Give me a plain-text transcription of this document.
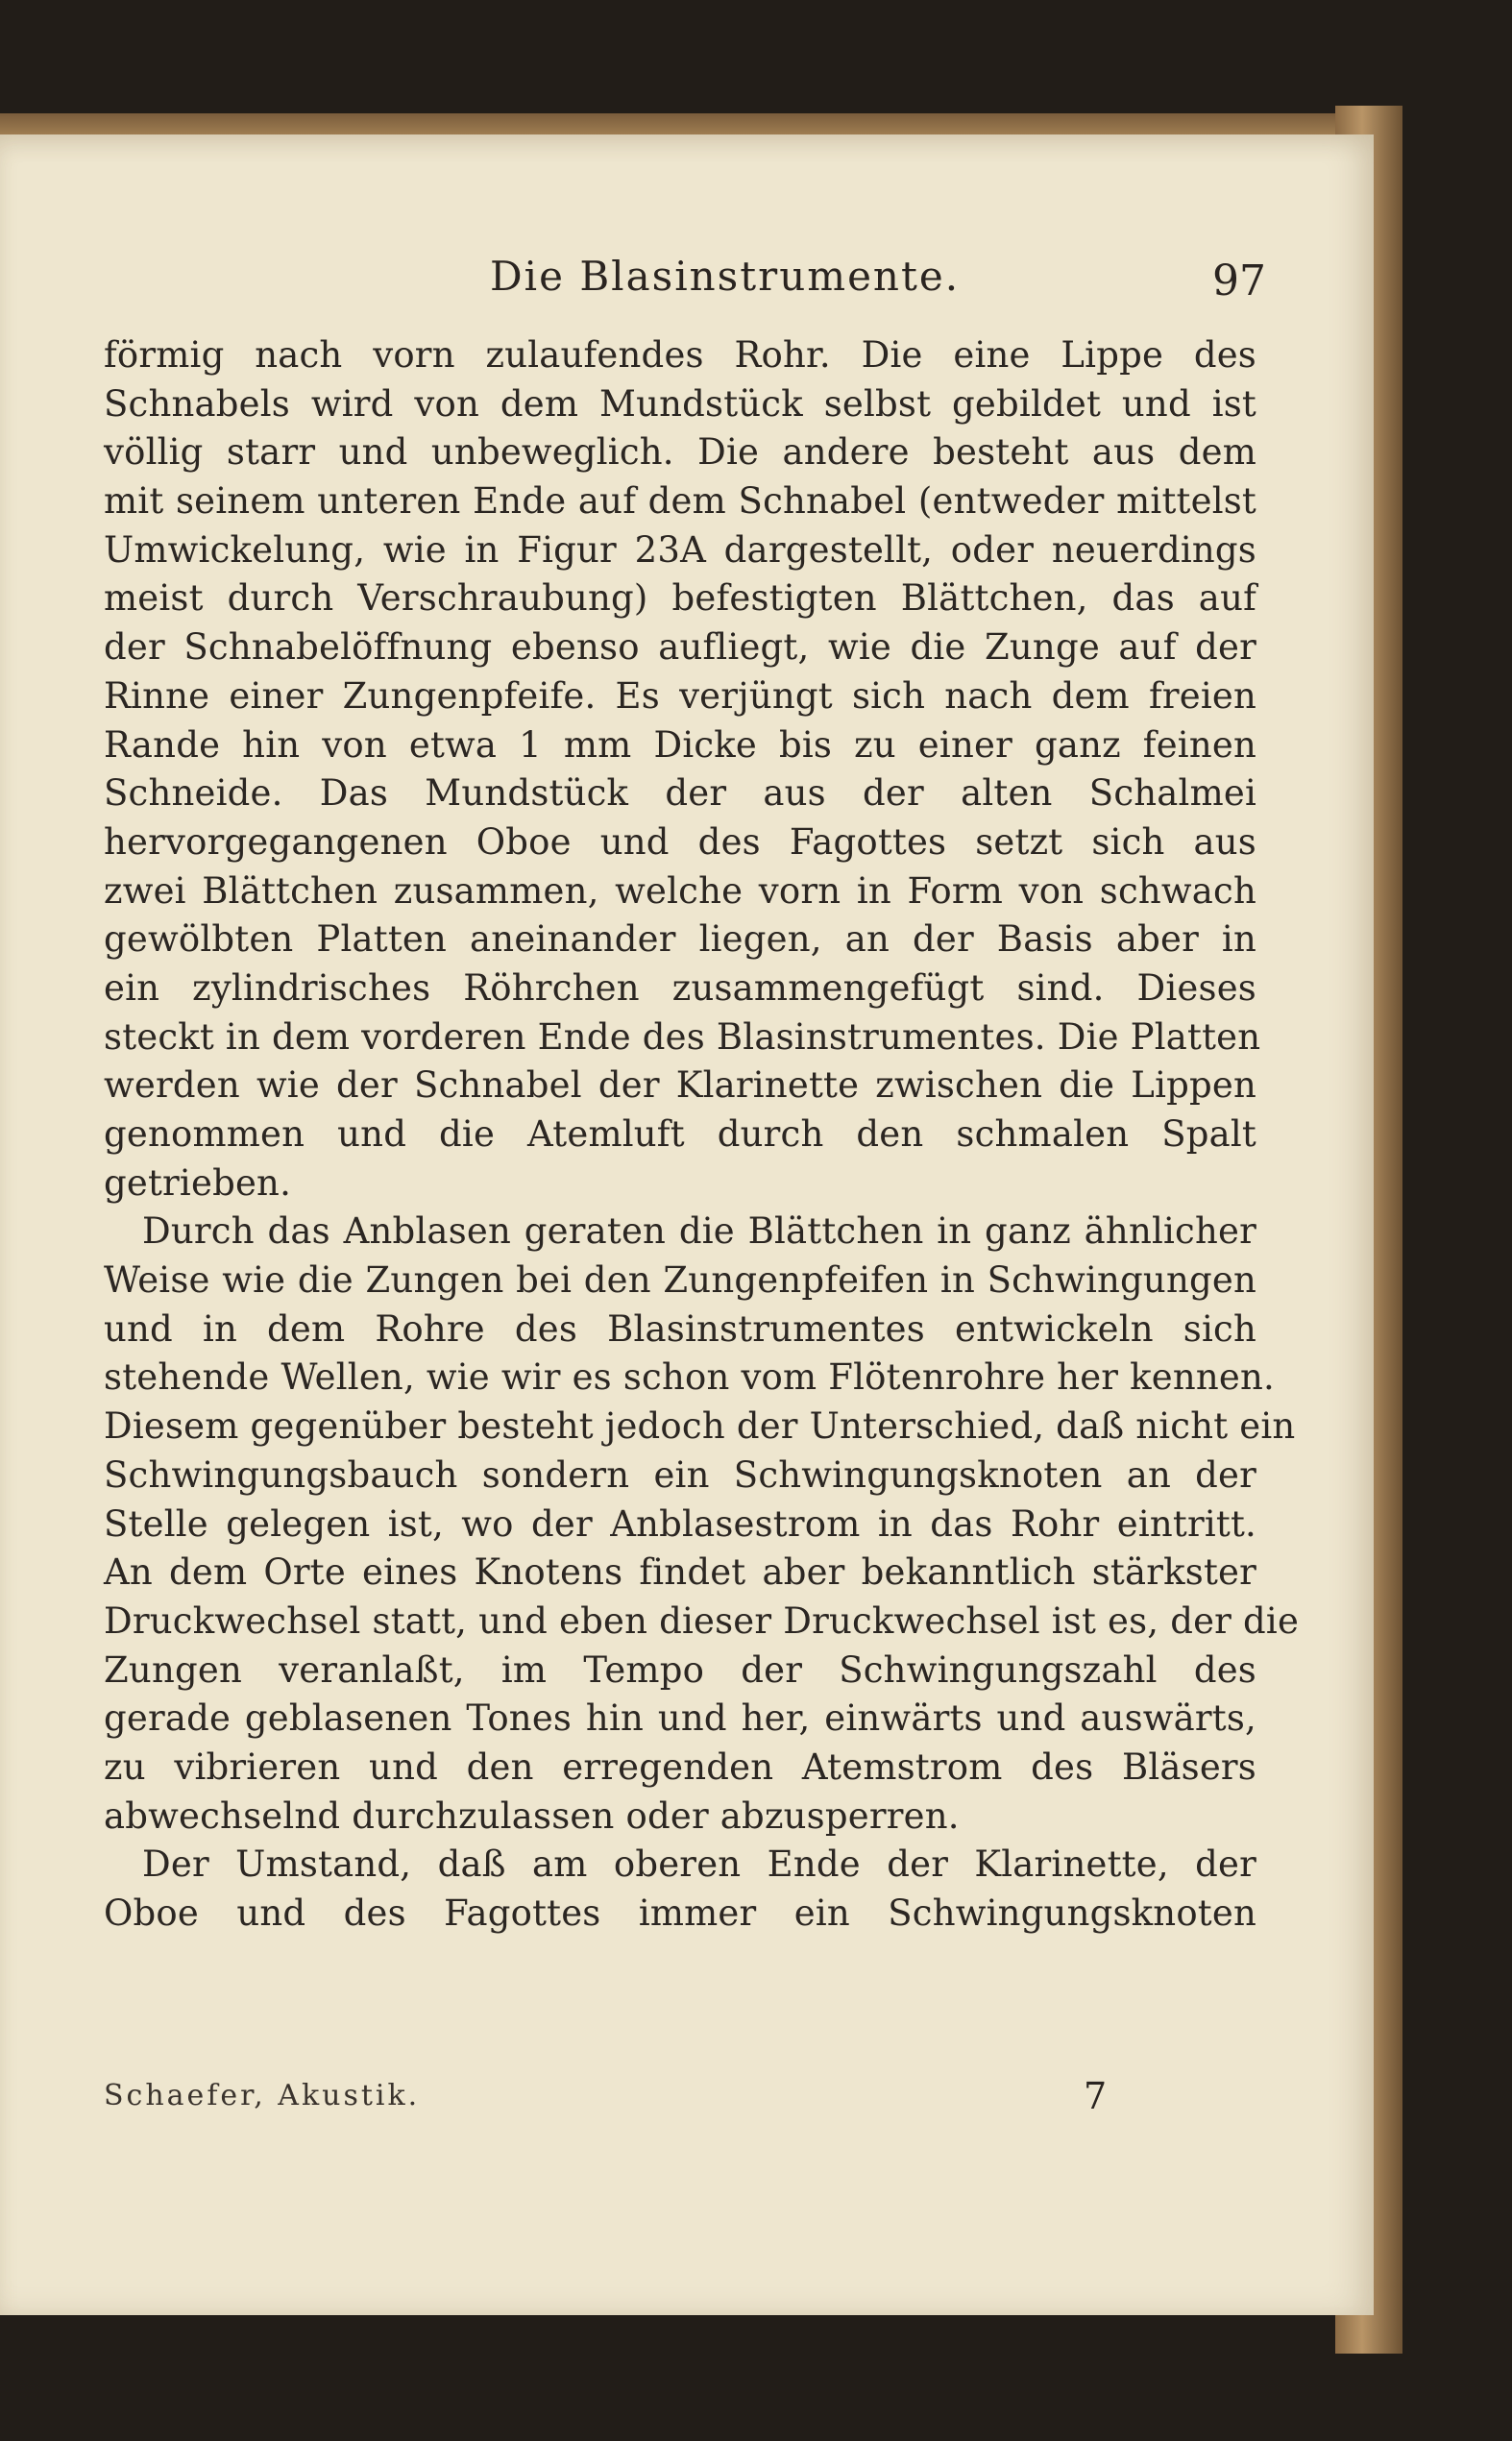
Die Blasinstrumente.	97
förmig nach vorn zulaufendes Rohr. Die eine Lippe des
Schnabels wird von dem Mundstück selbst gebildet und ist
völlig starr und unbeweglich. Die andere besteht aus dem
mit seinem unteren Ende auf dem Schnabel (entweder mittelst
Umwickelung, wie in Figur 23A dargestellt, oder neuerdings
meist durch Verschraubung) befestigten Blättchen, das auf
der Schnabelöffnung ebenso aufliegt, wie die Zunge auf der
Rinne einer Zungenpfeife. Es verjüngt sich nach dem freien
Rande hin von etwa 1 mm Dicke bis zu einer ganz feinen
Schneide. Das Mundstück der aus der alten Schalmei
hervorgegangenen Oboe und des Fagottes setzt sich aus
zwei Blättchen zusammen, welche vorn in Form von schwach
gewölbten Platten aneinander liegen, an der Basis aber in
ein zylindrisches Röhrchen zusammengefügt sind. Dieses
steckt in dem vorderen Ende des Blasinstrumentes. Die Platten
werden wie der Schnabel der Klarinette zwischen die Lippen
genommen und die Atemluft durch den schmalen Spalt
getrieben.
Durch das Anblasen geraten die Blättchen in ganz ähnlicher
Weise wie die Zungen bei den Zungenpfeifen in Schwingungen
und in dem Rohre des Blasinstrumentes entwickeln sich
stehende Wellen, wie wir es schon vom Flötenrohre her kennen.
Diesem gegenüber besteht jedoch der Unterschied, daß nicht ein
Schwingungsbauch sondern ein Schwingungsknoten an der
Stelle gelegen ist, wo der Anblasestrom in das Rohr eintritt.
An dem Orte eines Knotens findet aber bekanntlich stärkster
Druckwechsel statt, und eben dieser Druckwechsel ist es, der die
Zungen veranlaßt, im Tempo der Schwingungszahl des
gerade geblasenen Tones hin und her, einwärts und auswärts,
zu vibrieren und den erregenden Atemstrom des Bläsers
abwechselnd durchzulassen oder abzusperren.
Der Umstand, daß am oberen Ende der Klarinette, der
Oboe und des Fagottes immer ein Schwingungsknoten
Schaefer, Akustik.	7
